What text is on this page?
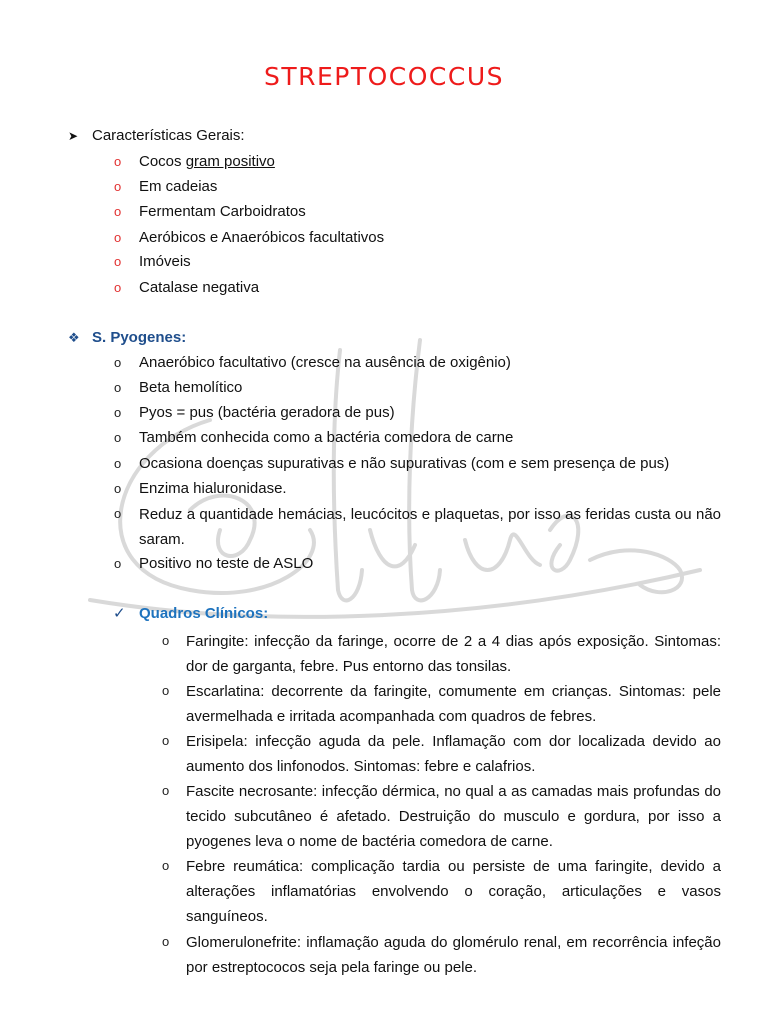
STREPTOCOCCUS
➤ Características Gerais:
o Cocos gram positivo
o Em cadeias
o Fermentam Carboidratos
o Aeróbicos e Anaeróbicos facultativos
o Imóveis
o Catalase negativa
❖ S. Pyogenes:
o Anaeróbico facultativo (cresce na ausência de oxigênio)
o Beta hemolítico
o Pyos = pus (bactéria geradora de pus)
o Também conhecida como a bactéria comedora de carne
o Ocasiona doenças supurativas e não supurativas (com e sem presença de pus)
o Enzima hialuronidase.
o Reduz a quantidade hemácias, leucócitos e plaquetas, por isso as feridas custa ou não saram.
o Positivo no teste de ASLO
✓ Quadros Clínicos:
o Faringite: infecção da faringe, ocorre de 2 a 4 dias após exposição. Sintomas: dor de garganta, febre. Pus entorno das tonsilas.
o Escarlatina: decorrente da faringite, comumente em crianças. Sintomas: pele avermelhada e irritada acompanhada com quadros de febres.
o Erisipela: infecção aguda da pele. Inflamação com dor localizada devido ao aumento dos linfonodos. Sintomas: febre e calafrios.
o Fascite necrosante: infecção dérmica, no qual a as camadas mais profundas do tecido subcutâneo é afetado. Destruição do musculo e gordura, por isso a pyogenes leva o nome de bactéria comedora de carne.
o Febre reumática: complicação tardia ou persiste de uma faringite, devido a alterações inflamatórias envolvendo o coração, articulações e vasos sanguíneos.
o Glomerulonefrite: inflamação aguda do glomérulo renal, em recorrência infeção por estreptococos seja pela faringe ou pele.
